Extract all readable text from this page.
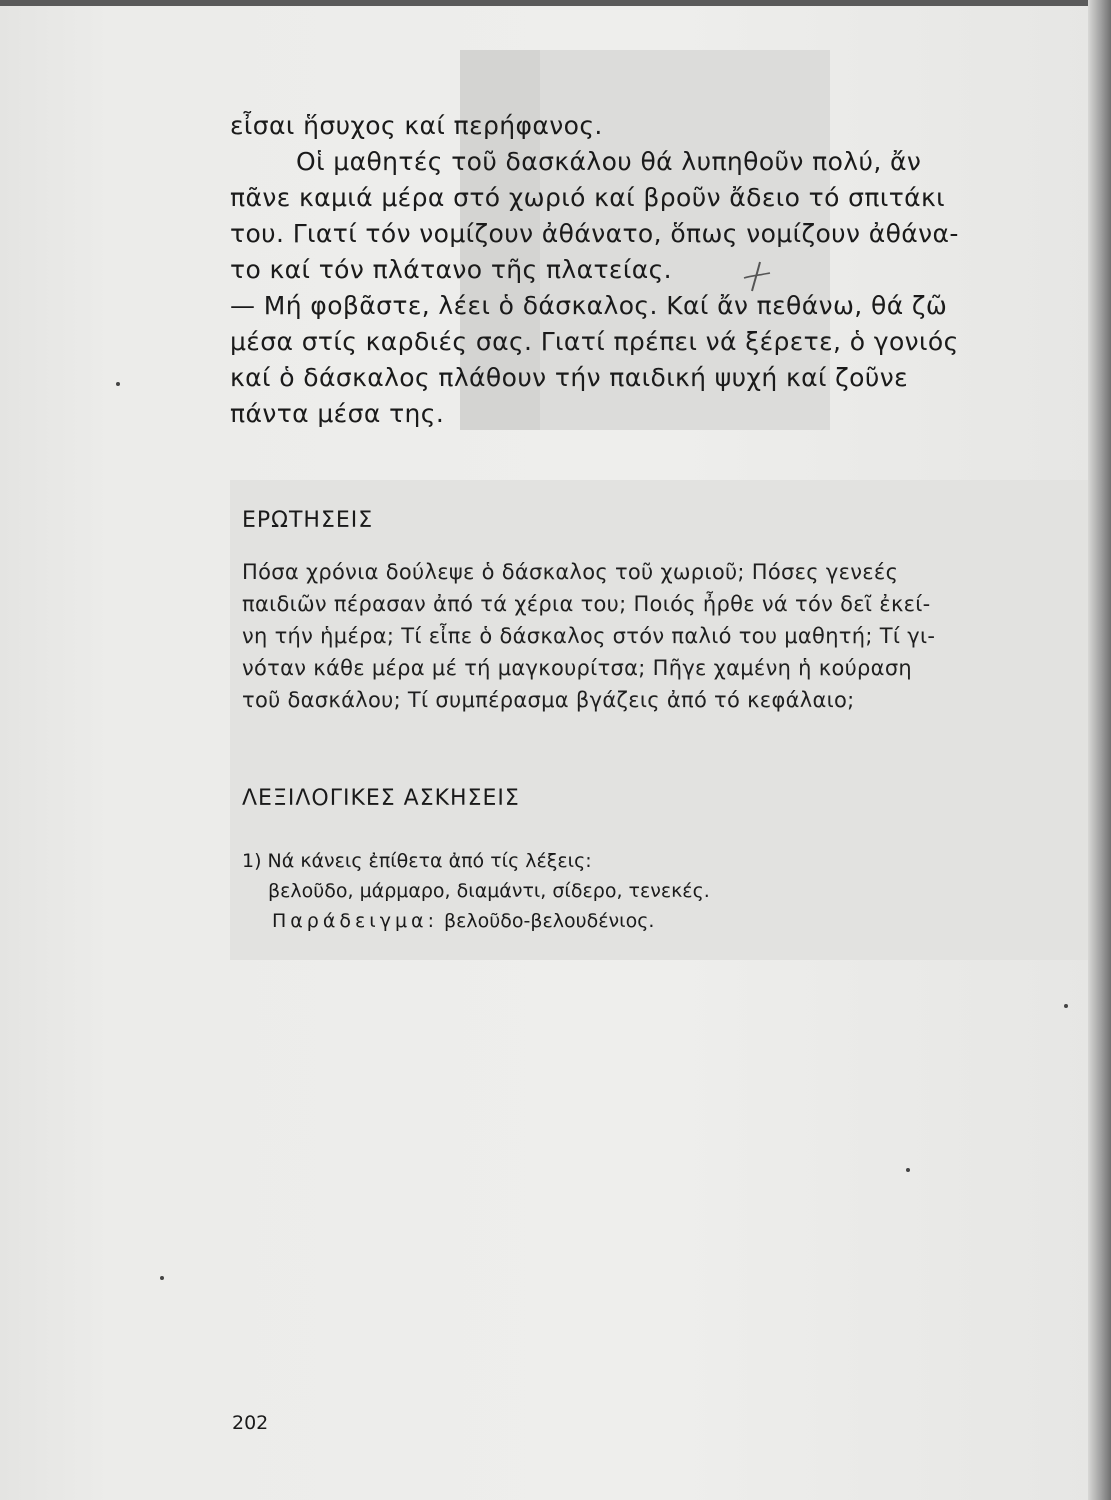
εἶσαι ἥσυχος καί περήφανος.
Οἱ μαθητές τοῦ δασκάλου θά λυπηθοῦν πολύ, ἄν
πᾶνε καμιά μέρα στό χωριό καί βροῦν ἄδειο τό σπιτάκι
του. Γιατί τόν νομίζουν ἀθάνατο, ὅπως νομίζουν ἀθάνα-
το καί τόν πλάτανο τῆς πλατείας.
— Μή φοβᾶστε, λέει ὁ δάσκαλος. Καί ἄν πεθάνω, θά ζῶ
μέσα στίς καρδιές σας. Γιατί πρέπει νά ξέρετε, ὁ γονιός
καί ὁ δάσκαλος πλάθουν τήν παιδική ψυχή καί ζοῦνε
πάντα μέσα της.

ΕΡΩΤΗΣΕΙΣ

Πόσα χρόνια δούλεψε ὁ δάσκαλος τοῦ χωριοῦ; Πόσες γενεές
παιδιῶν πέρασαν ἀπό τά χέρια του; Ποιός ἦρθε νά τόν δεῖ ἐκεί-
νη τήν ἡμέρα; Τί εἶπε ὁ δάσκαλος στόν παλιό του μαθητή; Τί γι-
νόταν κάθε μέρα μέ τή μαγκουρίτσα; Πῆγε χαμένη ἡ κούραση
τοῦ δασκάλου; Τί συμπέρασμα βγάζεις ἀπό τό κεφάλαιο;

ΛΕΞΙΛΟΓΙΚΕΣ ΑΣΚΗΣΕΙΣ
1) Νά κάνεις ἐπίθετα ἀπό τίς λέξεις:
βελοῦδο, μάρμαρο, διαμάντι, σίδερο, τενεκές.
Παράδειγμα: βελοῦδο-βελουδένιος.
202
